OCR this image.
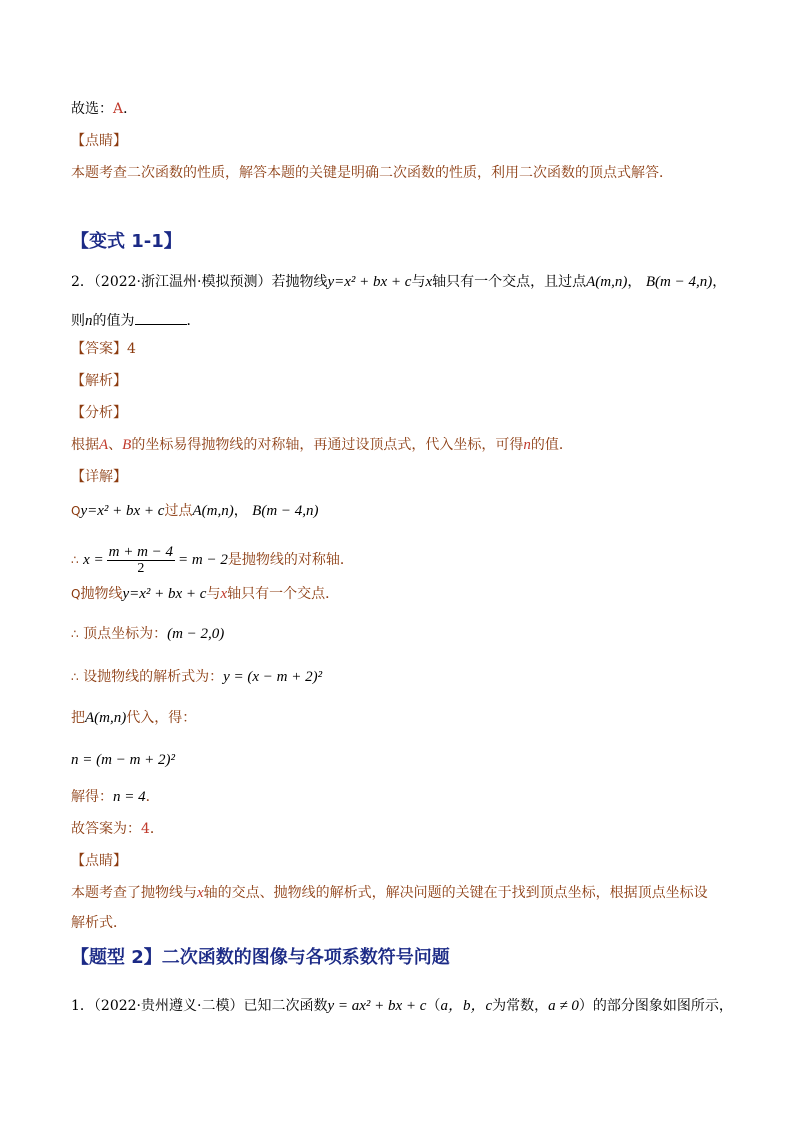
故选：A．
【点睛】
本题考查二次函数的性质，解答本题的关键是明确二次函数的性质，利用二次函数的顶点式解答．
【变式 1-1】
2．（2022·浙江温州·模拟预测）若抛物线y=x² + bx + c与x轴只有一个交点，且过点A(m,n)， B(m − 4,n)，
则n的值为	．
【答案】4
【解析】
【分析】
根据A、B的坐标易得抛物线的对称轴，再通过设顶点式，代入坐标，可得n的值．
【详解】
Qy=x² + bx + c过点A(m,n)， B(m − 4,n)
∴ $x = \frac{m + m - 4}{2} = m - 2$是抛物线的对称轴．
Q抛物线y=x² + bx + c与x轴只有一个交点．
∴ 顶点坐标为：(m − 2,0)
∴ 设抛物线的解析式为：y = (x − m + 2)²
把A(m,n)代入，得：
n = (m − m + 2)²
解得：n = 4．
故答案为：4．
【点睛】
本题考查了抛物线与x轴的交点、抛物线的解析式，解决问题的关键在于找到顶点坐标，根据顶点坐标设
解析式．
【题型 2】二次函数的图像与各项系数符号问题
1．（2022·贵州遵义·二模）已知二次函数y = ax² + bx + c（a，b，c为常数，a ≠ 0）的部分图象如图所示，
